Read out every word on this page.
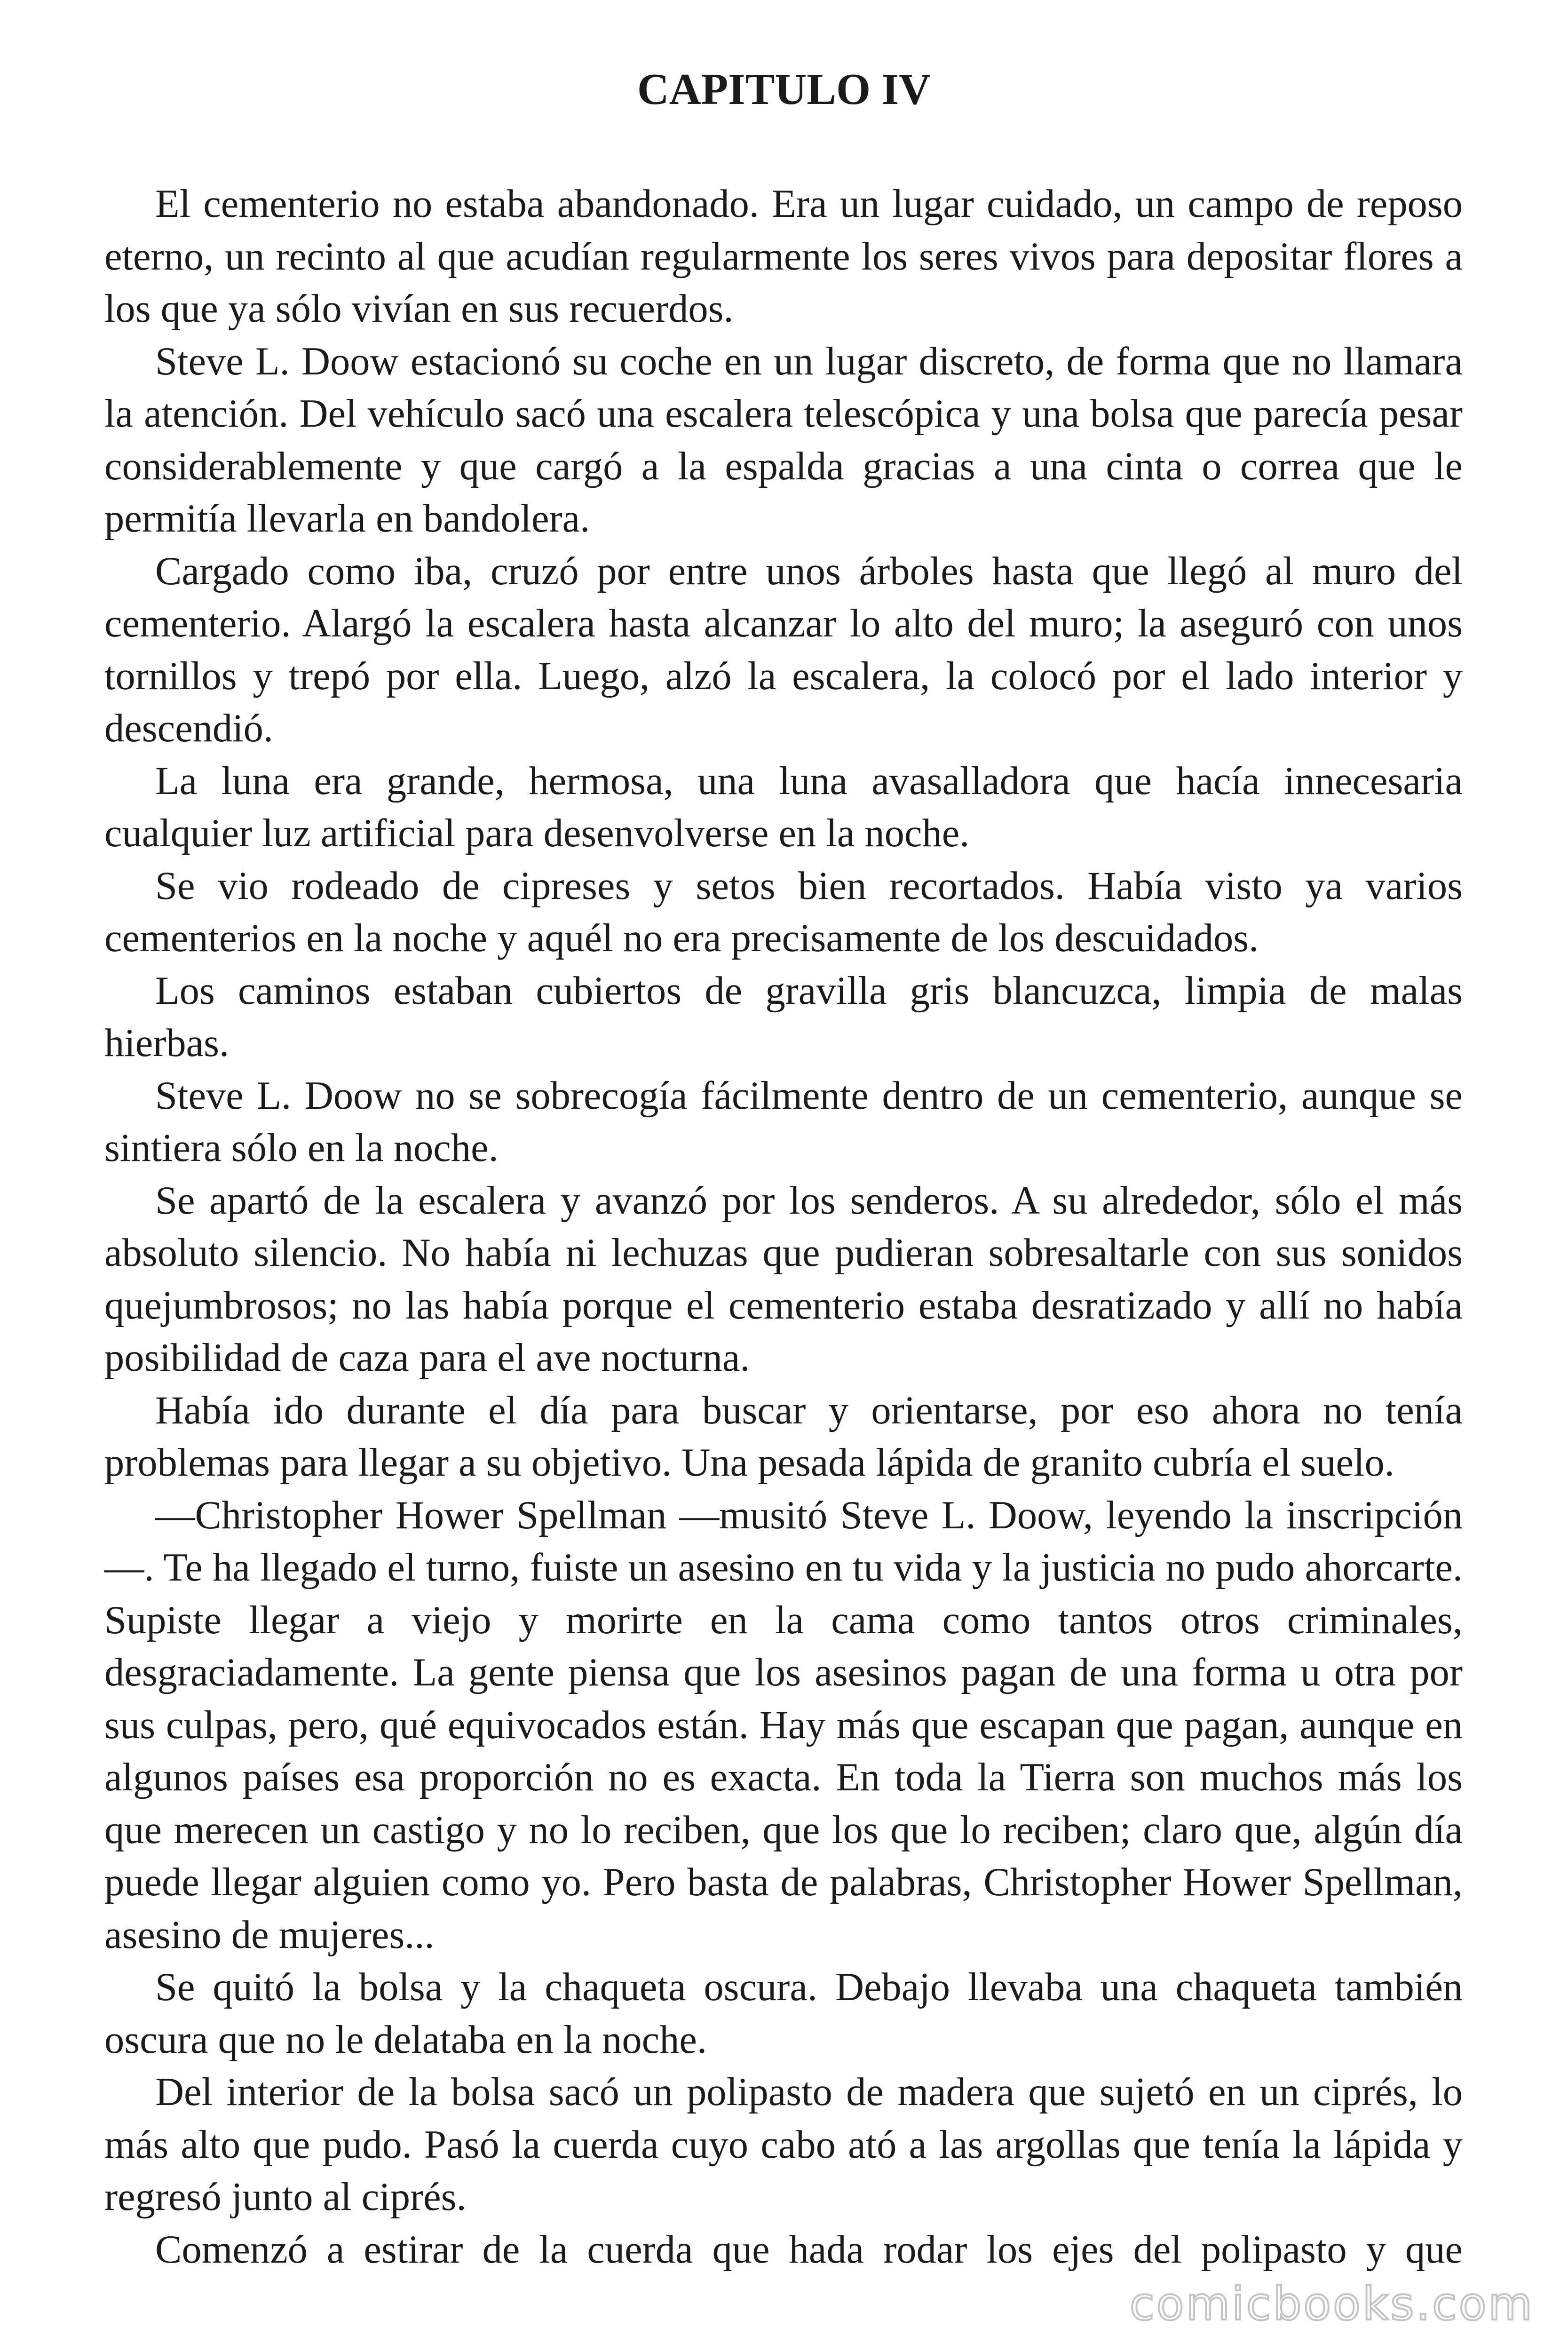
CAPITULO IV

El cementerio no estaba abandonado. Era un lugar cuidado, un campo de reposo eterno, un recinto al que acudían regularmente los seres vivos para depositar flores a los que ya sólo vivían en sus recuerdos.

Steve L. Doow estacionó su coche en un lugar discreto, de forma que no llamara la atención. Del vehículo sacó una escalera telescópica y una bolsa que parecía pesar considerablemente y que cargó a la espalda gracias a una cinta o correa que le permitía llevarla en bandolera.

Cargado como iba, cruzó por entre unos árboles hasta que llegó al muro del cementerio. Alargó la escalera hasta alcanzar lo alto del muro; la aseguró con unos tornillos y trepó por ella. Luego, alzó la escalera, la colocó por el lado interior y descendió.

La luna era grande, hermosa, una luna avasalladora que hacía innecesaria cualquier luz artificial para desenvolverse en la noche.

Se vio rodeado de cipreses y setos bien recortados. Había visto ya varios cementerios en la noche y aquél no era precisamente de los descuidados.

Los caminos estaban cubiertos de gravilla gris blancuzca, limpia de malas hierbas.

Steve L. Doow no se sobrecogía fácilmente dentro de un cementerio, aunque se sintiera sólo en la noche.

Se apartó de la escalera y avanzó por los senderos. A su alrededor, sólo el más absoluto silencio. No había ni lechuzas que pudieran sobresaltarle con sus sonidos quejumbrosos; no las había porque el cementerio estaba desratizado y allí no había posibilidad de caza para el ave nocturna.

Había ido durante el día para buscar y orientarse, por eso ahora no tenía problemas para llegar a su objetivo. Una pesada lápida de granito cubría el suelo.

—Christopher Hower Spellman —musitó Steve L. Doow, leyendo la inscripción—. Te ha llegado el turno, fuiste un asesino en tu vida y la justicia no pudo ahorcarte. Supiste llegar a viejo y morirte en la cama como tantos otros criminales, desgraciadamente. La gente piensa que los asesinos pagan de una forma u otra por sus culpas, pero, qué equivocados están. Hay más que escapan que pagan, aunque en algunos países esa proporción no es exacta. En toda la Tierra son muchos más los que merecen un castigo y no lo reciben, que los que lo reciben; claro que, algún día puede llegar alguien como yo. Pero basta de palabras, Christopher Hower Spellman, asesino de mujeres...

Se quitó la bolsa y la chaqueta oscura. Debajo llevaba una chaqueta también oscura que no le delataba en la noche.

Del interior de la bolsa sacó un polipasto de madera que sujetó en un ciprés, lo más alto que pudo. Pasó la cuerda cuyo cabo ató a las argollas que tenía la lápida y regresó junto al ciprés.

Comenzó a estirar de la cuerda que hada rodar los ejes del polipasto y que

comicbooks.com
